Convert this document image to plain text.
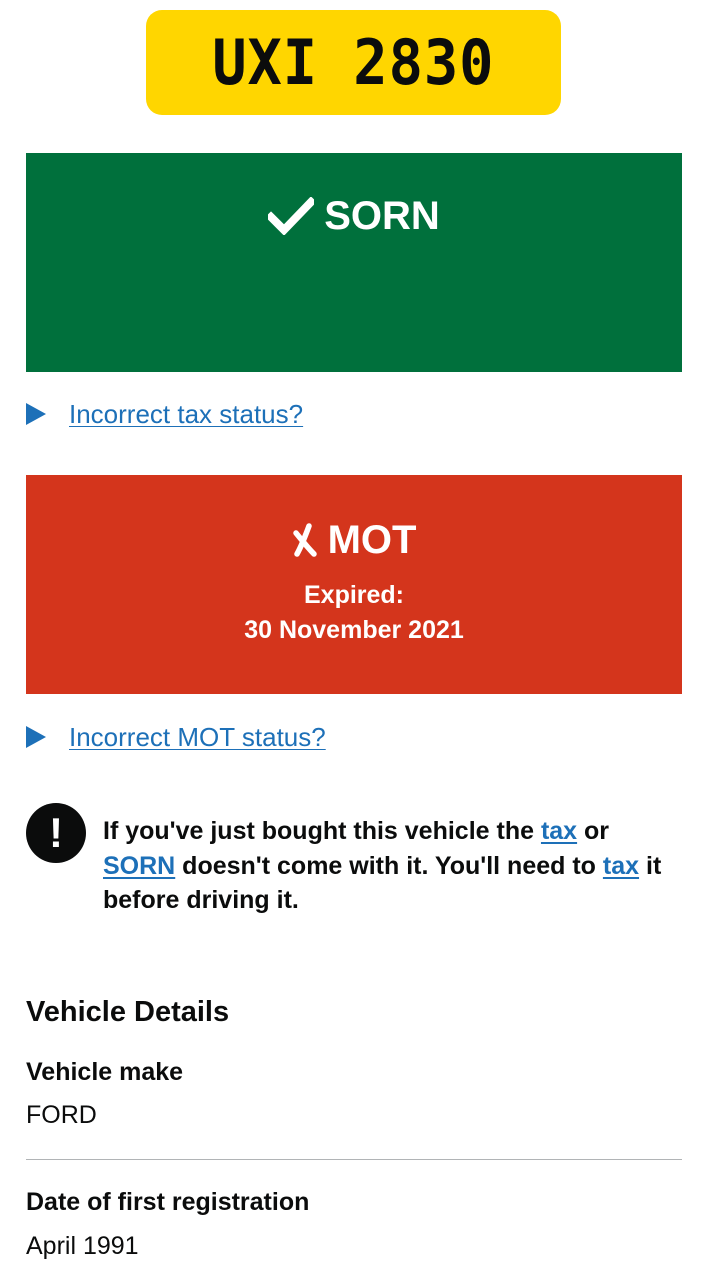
UXI 2830
SORN
Incorrect tax status?
MOT
Expired:
30 November 2021
Incorrect MOT status?
!	If you've just bought this vehicle the tax or SORN doesn't come with it. You'll need to tax it before driving it.
Vehicle Details
Vehicle make
FORD
Date of first registration
April 1991
